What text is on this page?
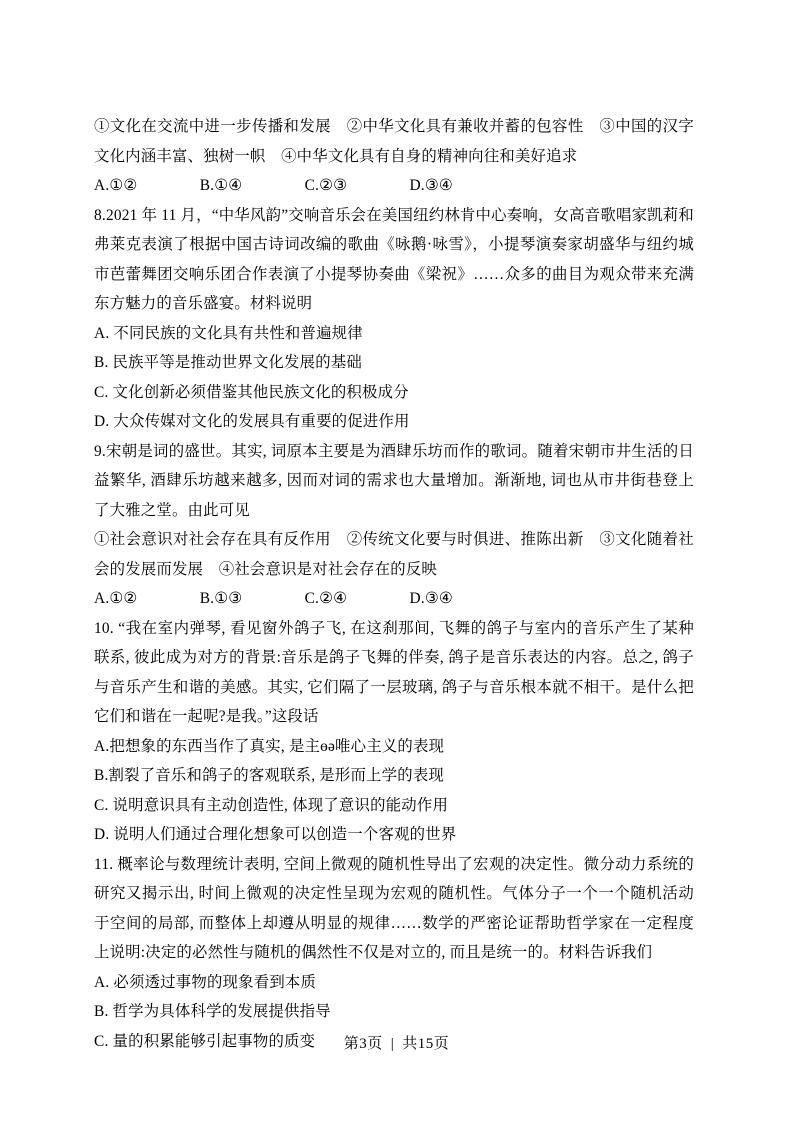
①文化在交流中进一步传播和发展　②中华文化具有兼收并蓄的包容性　③中国的汉字文化内涵丰富、独树一帜　④中华文化具有自身的精神向往和美好追求
A.①②　　　　B.①④　　　　C.②③　　　　D.③④
8.2021 年 11 月，“中华风韵”交响音乐会在美国纽约林肯中心奏响，女高音歌唱家凯莉和弗莱克表演了根据中国古诗词改编的歌曲《咏鹅·咏雪》，小提琴演奏家胡盛华与纽约城市芭蕾舞团交响乐团合作表演了小提琴协奏曲《梁祝》……众多的曲目为观众带来充满东方魅力的音乐盛宴。材料说明
A. 不同民族的文化具有共性和普遍规律
B. 民族平等是推动世界文化发展的基础
C. 文化创新必须借鉴其他民族文化的积极成分
D. 大众传媒对文化的发展具有重要的促进作用
9.宋朝是词的盛世。其实, 词原本主要是为酒肆乐坊而作的歌词。随着宋朝市井生活的日益繁华, 酒肆乐坊越来越多, 因而对词的需求也大量增加。渐渐地, 词也从市井街巷登上了大雅之堂。由此可见
①社会意识对社会存在具有反作用　②传统文化要与时俱进、推陈出新　③文化随着社会的发展而发展　④社会意识是对社会存在的反映
A.①②　　　　B.①③　　　　C.②④　　　　D.③④
10. “我在室内弹琴, 看见窗外鸽子飞, 在这刹那间, 飞舞的鸽子与室内的音乐产生了某种联系, 彼此成为对方的背景:音乐是鸽子飞舞的伴奏, 鸽子是音乐表达的内容。总之, 鸽子与音乐产生和谐的美感。其实, 它们隔了一层玻璃, 鸽子与音乐根本就不相干。是什么把它们和谐在一起呢?是我。”这段话
A.把想象的东西当作了真实, 是主өә唯心主义的表现
B.割裂了音乐和鸽子的客观联系, 是形而上学的表现
C. 说明意识具有主动创造性, 体现了意识的能动作用
D. 说明人们通过合理化想象可以创造一个客观的世界
11. 概率论与数理统计表明, 空间上微观的随机性导出了宏观的决定性。微分动力系统的研究又揭示出, 时间上微观的决定性呈现为宏观的随机性。气体分子一个一个随机活动于空间的局部, 而整体上却遵从明显的规律……数学的严密论证帮助哲学家在一定程度上说明:决定的必然性与随机的偶然性不仅是对立的, 而且是统一的。材料告诉我们
A. 必须透过事物的现象看到本质
B. 哲学为具体科学的发展提供指导
C. 量的积累能够引起事物的质变	第3页 | 共15页
